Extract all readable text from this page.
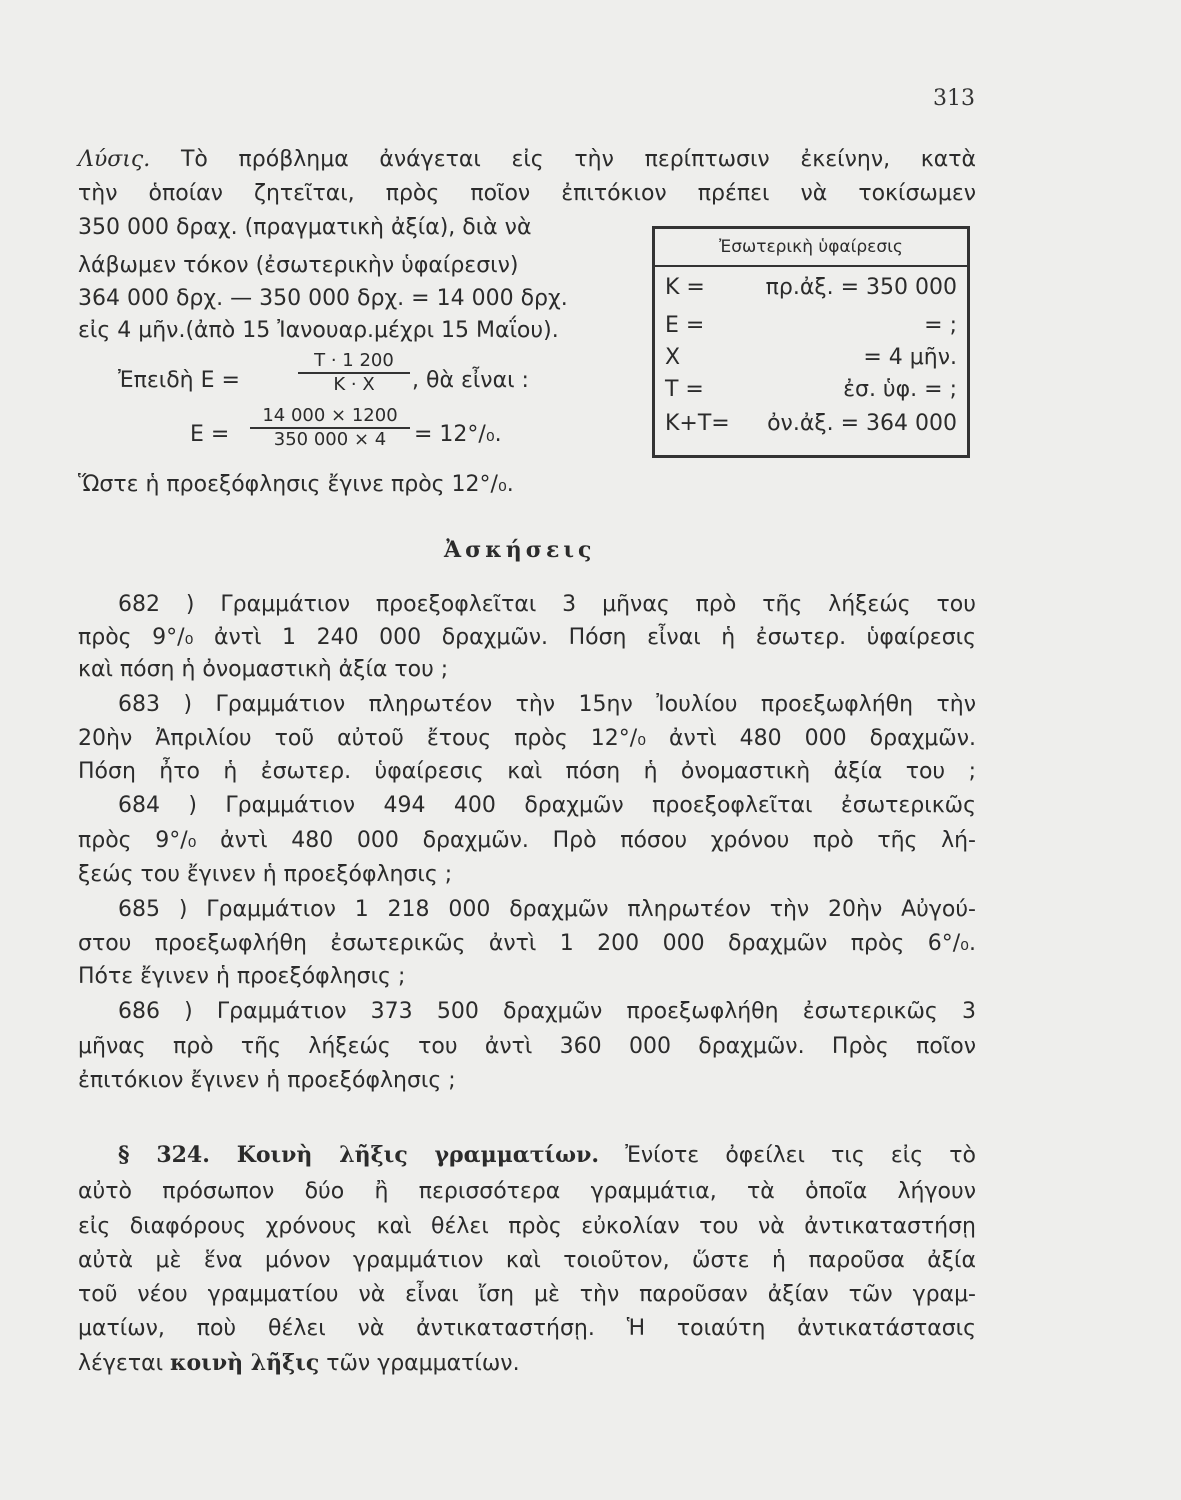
313
Λύσις. Τὸ πρόβλημα ἀνάγεται εἰς τὴν περίπτωσιν ἐκείνην, κατὰ
τὴν ὁποίαν ζητεῖται, πρὸς ποῖον ἐπιτόκιον πρέπει νὰ τοκίσωμεν
350 000 δραχ. (πραγματικὴ ἀξία), διὰ νὰ
λάβωμεν τόκον (ἐσωτερικὴν ὑφαίρεσιν)
364 000 δρχ. — 350 000 δρχ. = 14 000 δρχ.
εἰς 4 μῆν.(ἀπὸ 15 Ἰανουαρ.μέχρι 15 Μαΐου).
Ἐπειδὴ E =	$\frac{T \cdot 1 200}{K \cdot X}$ , θὰ εἶναι :
$E = \frac{14 000 \times 1200}{350 000 \times 4} = 12^\circ/_0$.
Ὥστε ἡ προεξόφλησις ἔγινε πρὸς 12°/₀.
Ἐσωτερικὴ ὑφαίρεσις
K =	πρ.ἀξ. = 350 000
E =	= ;
X	= 4 μῆν.
T =	ἐσ. ὑφ. = ;
K+T= ὀν.ἀξ. = 364 000
Ἀσκήσεις
682 ) Γραμμάτιον προεξοφλεῖται 3 μῆνας πρὸ τῆς λήξεώς του
πρὸς 9°/₀ ἀντὶ 1 240 000 δραχμῶν. Πόση εἶναι ἡ ἐσωτερ. ὑφαίρεσις
καὶ πόση ἡ ὀνομαστικὴ ἀξία του ;
683 ) Γραμμάτιον πληρωτέον τὴν 15ην Ἰουλίου προεξωφλήθη τὴν
20ὴν Ἀπριλίου τοῦ αὐτοῦ ἔτους πρὸς 12°/₀ ἀντὶ 480 000 δραχμῶν.
Πόση ἦτο ἡ ἐσωτερ. ὑφαίρεσις καὶ πόση ἡ ὀνομαστικὴ ἀξία του ;
684 ) Γραμμάτιον 494 400 δραχμῶν προεξοφλεῖται ἐσωτερικῶς
πρὸς 9°/₀ ἀντὶ 480 000 δραχμῶν. Πρὸ πόσου χρόνου πρὸ τῆς λή-
ξεώς του ἔγινεν ἡ προεξόφλησις ;
685 ) Γραμμάτιον 1 218 000 δραχμῶν πληρωτέον τὴν 20ὴν Αὐγού-
στου προεξωφλήθη ἐσωτερικῶς ἀντὶ 1 200 000 δραχμῶν πρὸς 6°/₀.
Πότε ἔγινεν ἡ προεξόφλησις ;
686 ) Γραμμάτιον 373 500 δραχμῶν προεξωφλήθη ἐσωτερικῶς 3
μῆνας πρὸ τῆς λήξεώς του ἀντὶ 360 000 δραχμῶν. Πρὸς ποῖον
ἐπιτόκιον ἔγινεν ἡ προεξόφλησις ;
§ 324. Κοινὴ λῆξις γραμματίων. Ἐνίοτε ὀφείλει τις εἰς τὸ
αὐτὸ πρόσωπον δύο ἢ περισσότερα γραμμάτια, τὰ ὁποῖα λήγουν
εἰς διαφόρους χρόνους καὶ θέλει πρὸς εὐκολίαν του νὰ ἀντικαταστήσῃ
αὐτὰ μὲ ἕνα μόνον γραμμάτιον καὶ τοιοῦτον, ὥστε ἡ παροῦσα ἀξία
τοῦ νέου γραμματίου νὰ εἶναι ἴση μὲ τὴν παροῦσαν ἀξίαν τῶν γραμ-
ματίων, ποὺ θέλει νὰ ἀντικαταστήσῃ. Ἡ τοιαύτη ἀντικατάστασις
λέγεται κοινὴ λῆξις τῶν γραμματίων.
